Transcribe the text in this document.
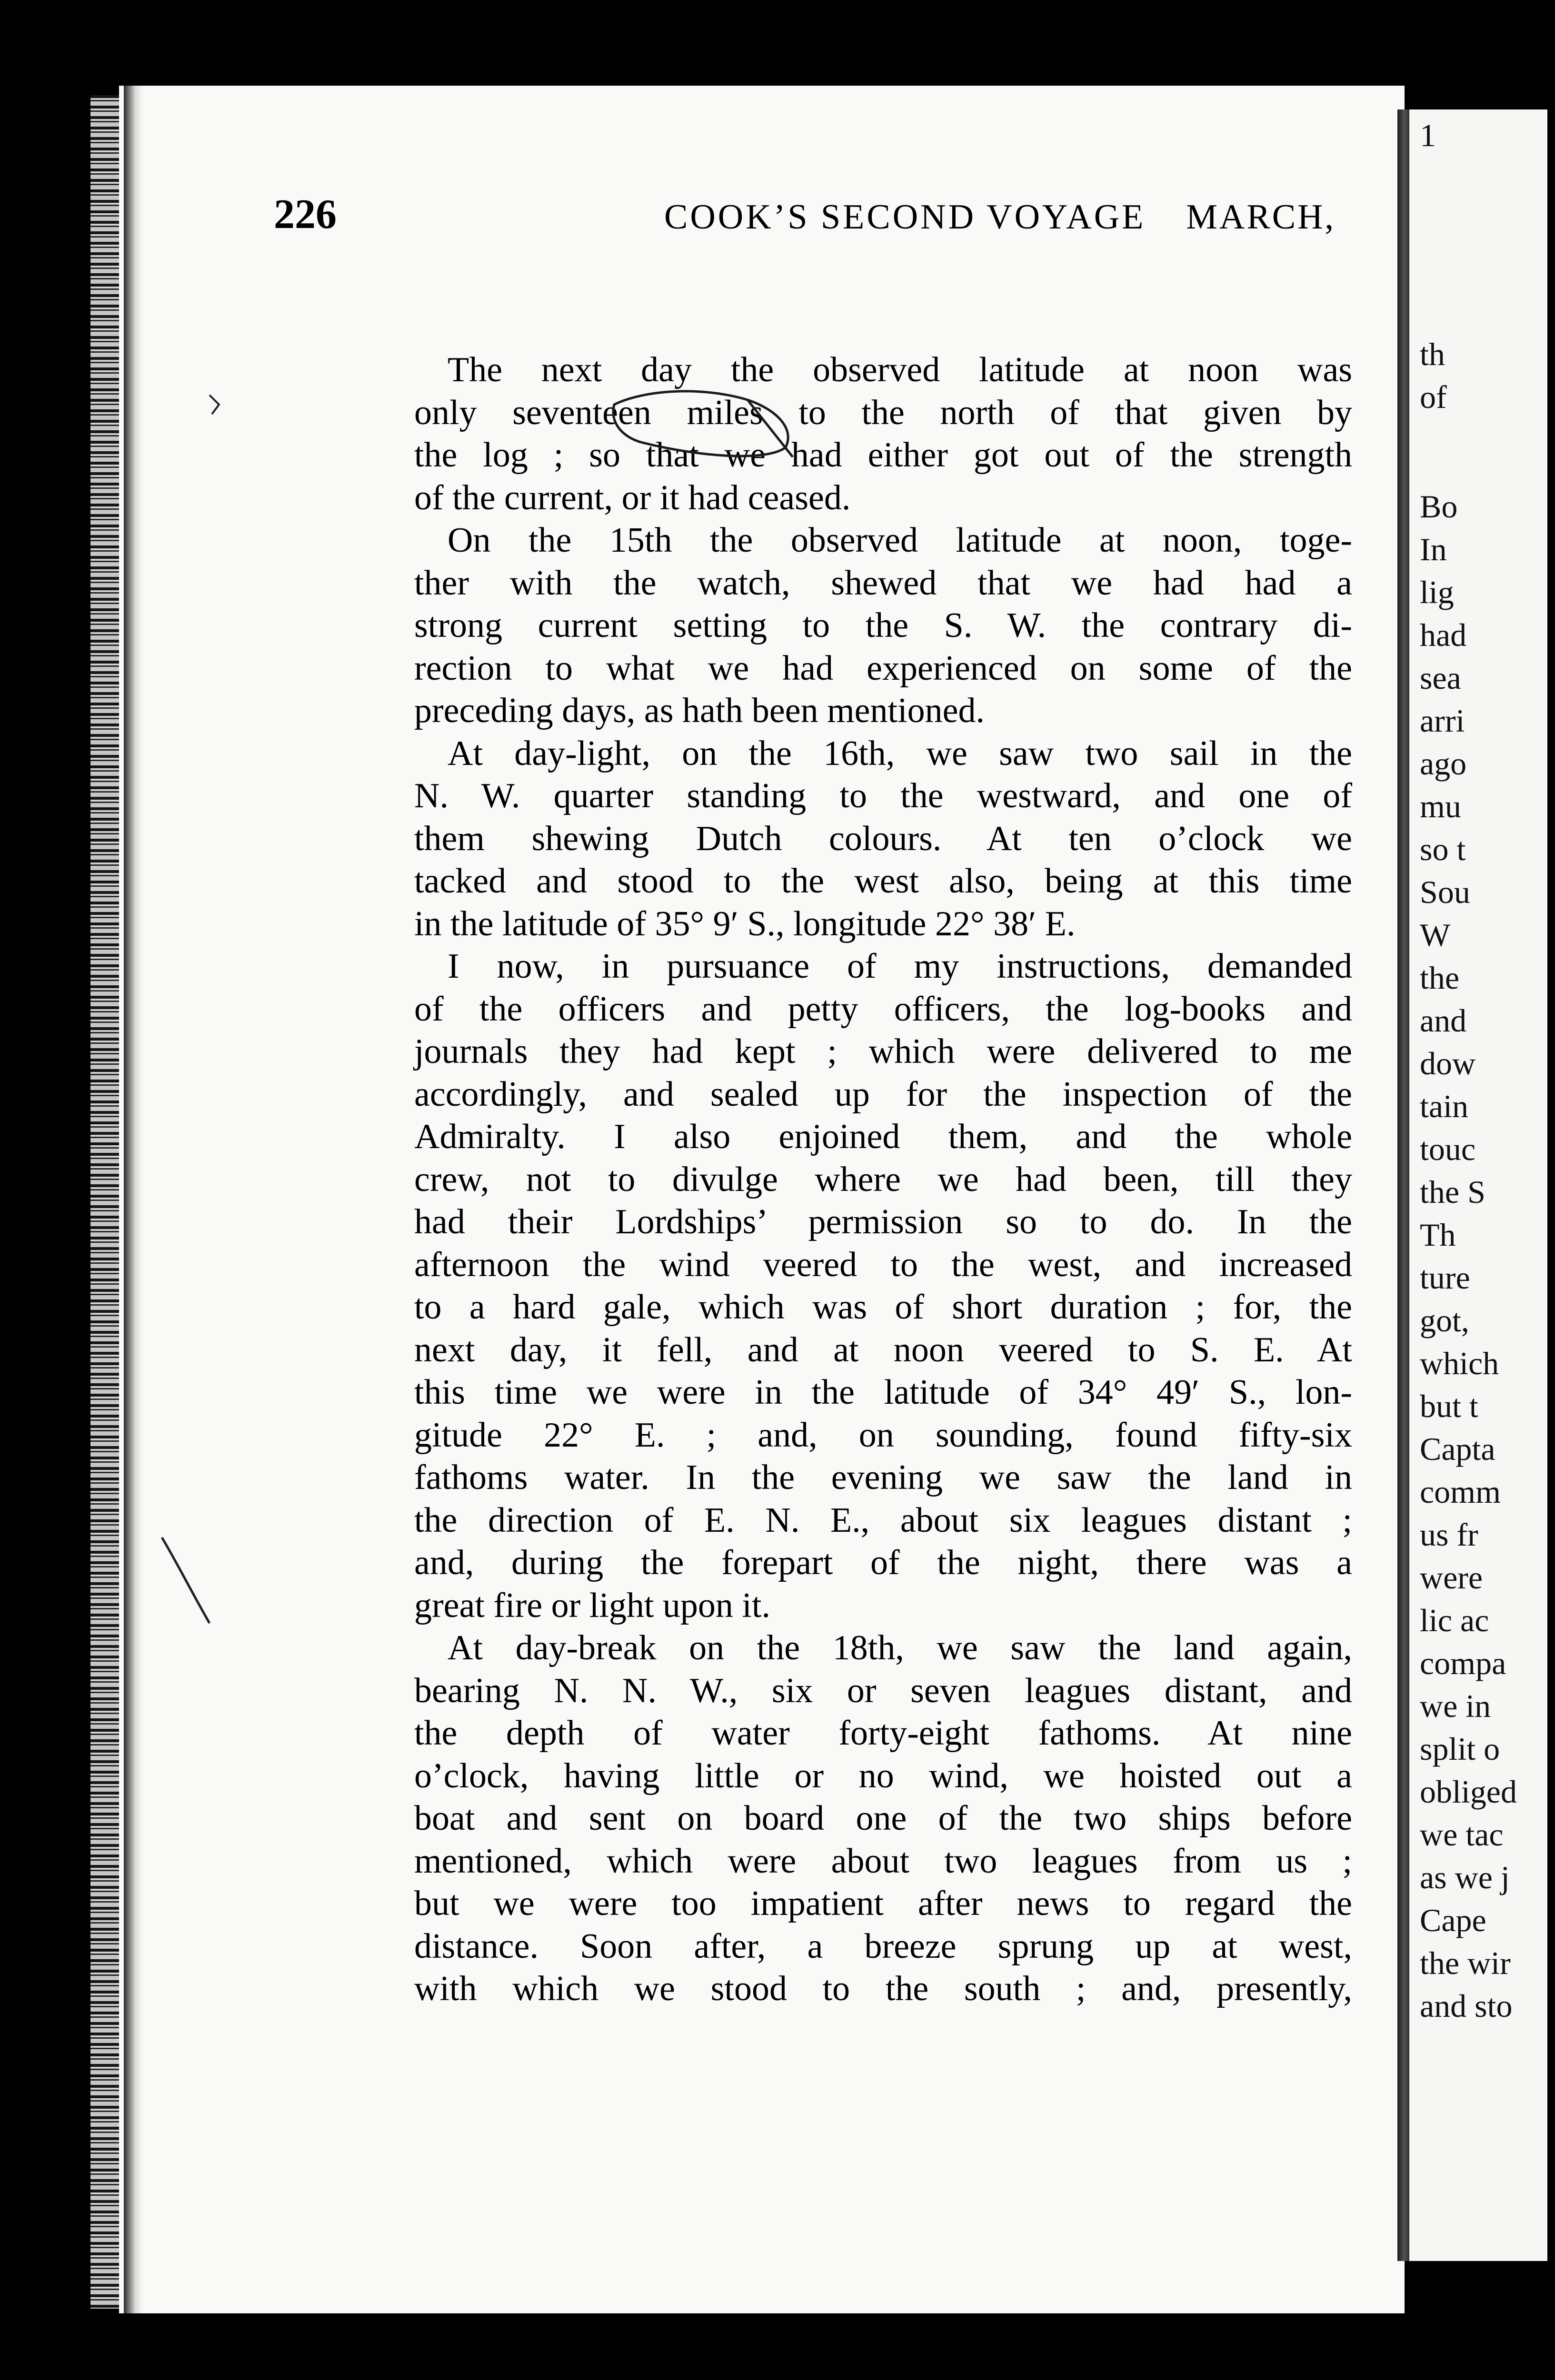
1
th
of
Bo
In
lig
had
sea
arri
ago
mu
so t
Sou
W
the
and
dow
tain
touc
the S
Th
ture
got,
which
but t
Capta
comm
us fr
were
lic ac
compa
we in
split o
obliged
we tac
as we j
Cape
the wir
and sto
226	COOK’S SECOND VOYAGE MARCH,
The next day the observed latitude at noon was
only seventeen miles to the north of that given by
the log ; so that we had either got out of the strength
of the current, or it had ceased.
On the 15th the observed latitude at noon, toge-
ther with the watch, shewed that we had had a
strong current setting to the S. W. the contrary di-
rection to what we had experienced on some of the
preceding days, as hath been mentioned.
At day-light, on the 16th, we saw two sail in the
N. W. quarter standing to the westward, and one of
them shewing Dutch colours. At ten o’clock we
tacked and stood to the west also, being at this time
in the latitude of 35° 9′ S., longitude 22° 38′ E.
I now, in pursuance of my instructions, demanded
of the officers and petty officers, the log-books and
journals they had kept ; which were delivered to me
accordingly, and sealed up for the inspection of the
Admiralty. I also enjoined them, and the whole
crew, not to divulge where we had been, till they
had their Lordships’ permission so to do. In the
afternoon the wind veered to the west, and increased
to a hard gale, which was of short duration ; for, the
next day, it fell, and at noon veered to S. E. At
this time we were in the latitude of 34° 49′ S., lon-
gitude 22° E. ; and, on sounding, found fifty-six
fathoms water. In the evening we saw the land in
the direction of E. N. E., about six leagues distant ;
and, during the forepart of the night, there was a
great fire or light upon it.
At day-break on the 18th, we saw the land again,
bearing N. N. W., six or seven leagues distant, and
the depth of water forty-eight fathoms. At nine
o’clock, having little or no wind, we hoisted out a
boat and sent on board one of the two ships before
mentioned, which were about two leagues from us ;
but we were too impatient after news to regard the
distance. Soon after, a breeze sprung up at west,
with which we stood to the south ; and, presently,
